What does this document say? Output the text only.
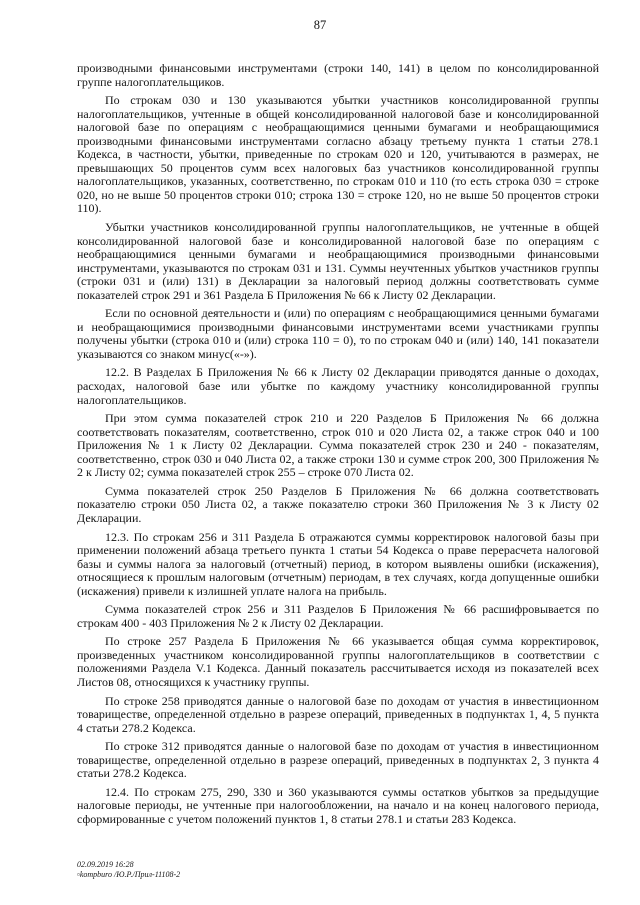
87

производными финансовыми инструментами (строки 140, 141) в целом по консолидированной группе налогоплательщиков.

По строкам 030 и 130 указываются убытки участников консолидированной группы налогоплательщиков, учтенные в общей консолидированной налоговой базе и консолидированной налоговой базе по операциям с необращающимися ценными бумагами и необращающимися производными финансовыми инструментами согласно абзацу третьему пункта 1 статьи 278.1 Кодекса, в частности, убытки, приведенные по строкам 020 и 120, учитываются в размерах, не превышающих 50 процентов сумм всех налоговых баз участников консолидированной группы налогоплательщиков, указанных, соответственно, по строкам 010 и 110 (то есть строка 030 = строке 020, но не выше 50 процентов строки 010; строка 130 = строке 120, но не выше 50 процентов строки 110).

Убытки участников консолидированной группы налогоплательщиков, не учтенные в общей консолидированной налоговой базе и консолидированной налоговой базе по операциям с необращающимися ценными бумагами и необращающимися производными финансовыми инструментами, указываются по строкам 031 и 131. Суммы неучтенных убытков участников группы (строки 031 и (или) 131) в Декларации за налоговый период должны соответствовать сумме показателей строк 291 и 361 Раздела Б Приложения № 66 к Листу 02 Декларации.

Если по основной деятельности и (или) по операциям с необращающимися ценными бумагами и необращающимися производными финансовыми инструментами всеми участниками группы получены убытки (строка 010 и (или) строка 110 = 0), то по строкам 040 и (или) 140, 141 показатели указываются со знаком минус(«-»).

12.2. В Разделах Б Приложения № 66 к Листу 02 Декларации приводятся данные о доходах, расходах, налоговой базе или убытке по каждому участнику консолидированной группы налогоплательщиков.

При этом сумма показателей строк 210 и 220 Разделов Б Приложения № 66 должна соответствовать показателям, соответственно, строк 010 и 020 Листа 02, а также строк 040 и 100 Приложения № 1 к Листу 02 Декларации. Сумма показателей строк 230 и 240 - показателям, соответственно, строк 030 и 040 Листа 02, а также строки 130 и сумме строк 200, 300 Приложения № 2 к Листу 02; сумма показателей строк 255 – строке 070 Листа 02.

Сумма показателей строк 250 Разделов Б Приложения № 66 должна соответствовать показателю строки 050 Листа 02, а также показателю строки 360 Приложения № 3 к Листу 02 Декларации.

12.3. По строкам 256 и 311 Раздела Б отражаются суммы корректировок налоговой базы при применении положений абзаца третьего пункта 1 статьи 54 Кодекса о праве перерасчета налоговой базы и суммы налога за налоговый (отчетный) период, в котором выявлены ошибки (искажения), относящиеся к прошлым налоговым (отчетным) периодам, в тех случаях, когда допущенные ошибки (искажения) привели к излишней уплате налога на прибыль.

Сумма показателей строк 256 и 311 Разделов Б Приложения № 66 расшифровывается по строкам 400 - 403 Приложения № 2 к Листу 02 Декларации.

По строке 257 Раздела Б Приложения № 66 указывается общая сумма корректировок, произведенных участником консолидированной группы налогоплательщиков в соответствии с положениями Раздела V.1 Кодекса. Данный показатель рассчитывается исходя из показателей всех Листов 08, относящихся к участнику группы.

По строке 258 приводятся данные о налоговой базе по доходам от участия в инвестиционном товариществе, определенной отдельно в разрезе операций, приведенных в подпунктах 1, 4, 5 пункта 4 статьи 278.2 Кодекса.

По строке 312 приводятся данные о налоговой базе по доходам от участия в инвестиционном товариществе, определенной отдельно в разрезе операций, приведенных в подпунктах 2, 3 пункта 4 статьи 278.2 Кодекса.

12.4. По строкам 275, 290, 330 и 360 указываются суммы остатков убытков за предыдущие налоговые периоды, не учтенные при налогообложении, на начало и на конец налогового периода, сформированные с учетом положений пунктов 1, 8 статьи 278.1 и статьи 283 Кодекса.

02.09.2019 16:28
▫kompburo /Ю.Р./Прил-11108-2
